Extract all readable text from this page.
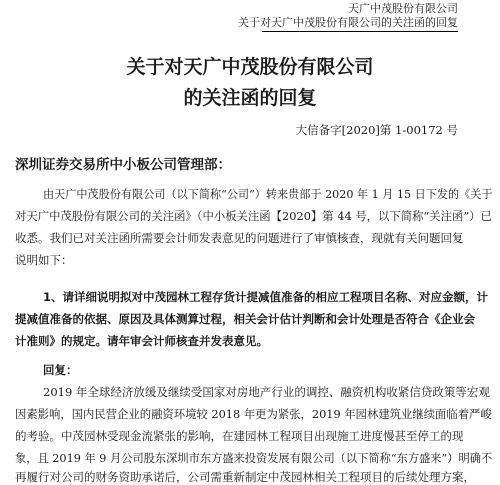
天广中茂股份有限公司
关于对天广中茂股份有限公司的关注函的回复
关于对天广中茂股份有限公司
的关注函的回复
大信备字[2020]第 1-00172 号
深圳证券交易所中小板公司管理部：
由天广中茂股份有限公司（以下简称“公司”）转来贵部于 2020 年 1 月 15 日下发的《关于
对天广中茂股份有限公司的关注函》（中小板关注函【2020】第 44 号，以下简称“关注函”）已
收悉。我们已对关注函所需要会计师发表意见的问题进行了审慎核查，现就有关问题回复
说明如下：
1、请详细说明拟对中茂园林工程存货计提减值准备的相应工程项目名称、对应金额，计
提减值准备的依据、原因及具体测算过程，相关会计估计判断和会计处理是否符合《企业会
计准则》的规定。请年审会计师核查并发表意见。
回复：
2019 年全球经济放缓及继续受国家对房地产行业的调控、融资机构收紧信贷政策等宏观
因素影响，国内民营企业的融资环境较 2018 年更为紧张，2019 年园林建筑业继续面临着严峻
的考验。中茂园林受现金流紧张的影响，在建园林工程项目出现施工进度慢甚至停工的现
象，且 2019 年 9 月公司股东深圳市东方盛来投资发展有限公司（以下简称“东方盛来”）明确不
再履行对公司的财务资助承诺后，公司需重新制定中茂园林相关工程项目的后续处理方案，
